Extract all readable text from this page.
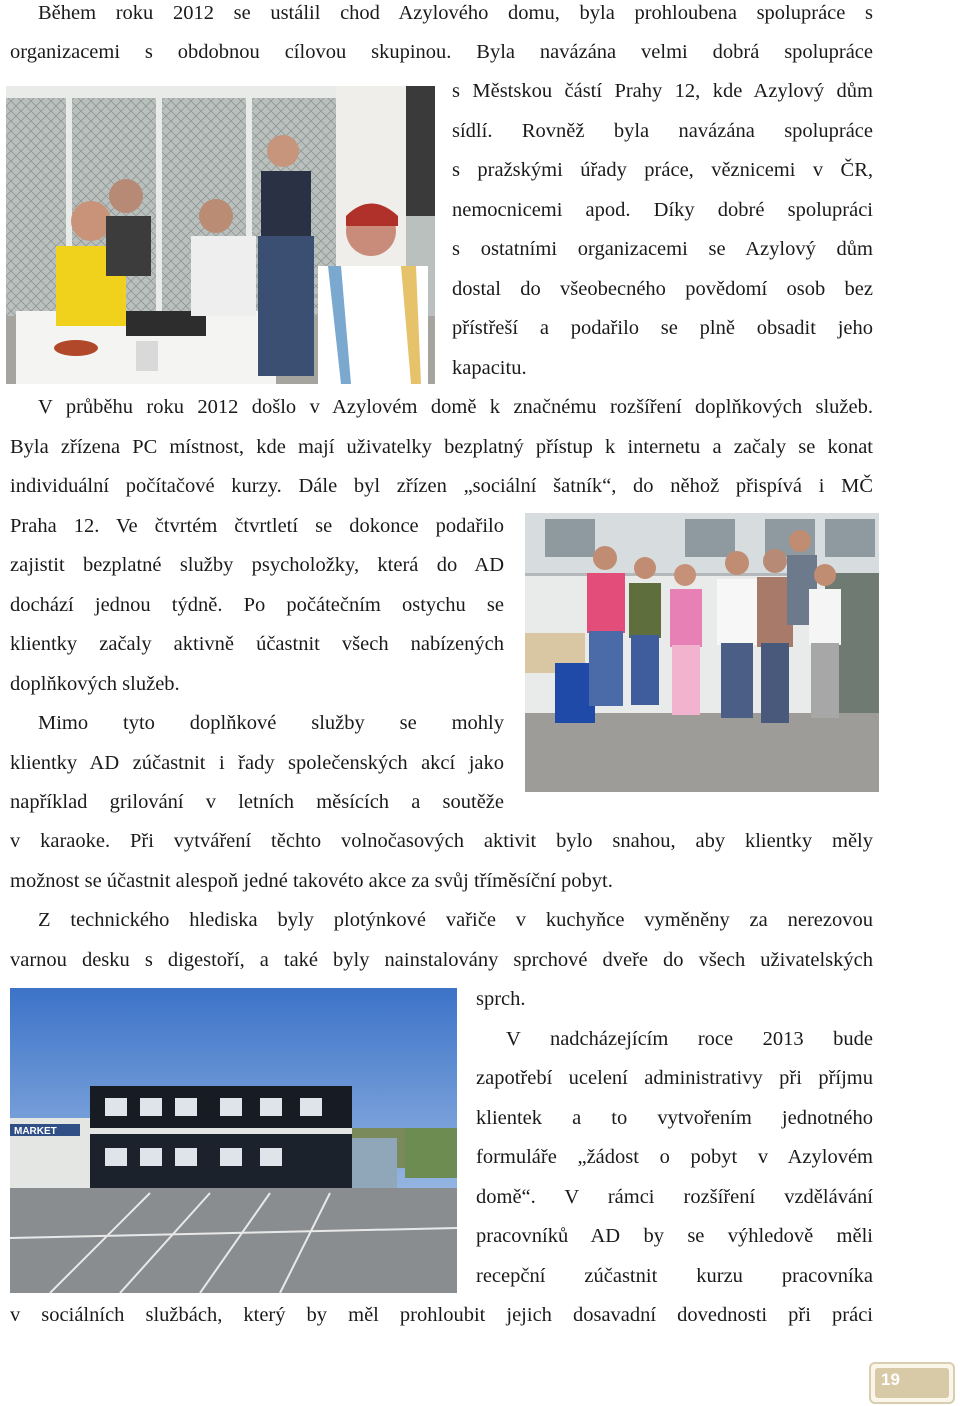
Během roku 2012 se ustálil chod Azylového domu, byla prohloubena spolupráce s
organizacemi s obdobnou cílovou skupinou. Byla navázána velmi dobrá spolupráce
s Městskou částí Prahy 12, kde Azylový dům
sídlí. Rovněž byla navázána spolupráce
s pražskými úřady práce, věznicemi v ČR,
nemocnicemi apod. Díky dobré spolupráci
s ostatními organizacemi se Azylový dům
dostal do všeobecného povědomí osob bez
přístřeší a podařilo se plně obsadit jeho
kapacitu.
V průběhu roku 2012 došlo v Azylovém domě k značnému rozšíření doplňkových služeb.
Byla zřízena PC místnost, kde mají uživatelky bezplatný přístup k internetu a začaly se konat
individuální počítačové kurzy. Dále byl zřízen „sociální šatník“, do něhož přispívá i MČ
Praha 12. Ve čtvrtém čtvrtletí se dokonce podařilo
zajistit bezplatné služby psycholožky, která do AD
dochází jednou týdně. Po počátečním ostychu se
klientky začaly aktivně účastnit všech nabízených
doplňkových služeb.
Mimo tyto doplňkové služby se mohly
klientky AD zúčastnit i řady společenských akcí jako
například grilování v letních měsících a soutěže
v karaoke. Při vytváření těchto volnočasových aktivit bylo snahou, aby klientky měly
možnost se účastnit alespoň jedné takovéto akce za svůj tříměsíční pobyt.
Z technického hlediska byly plotýnkové vařiče v kuchyňce vyměněny za nerezovou
varnou desku s digestoří, a také byly nainstalovány sprchové dveře do všech uživatelských
sprch.
V nadcházejícím roce 2013 bude
zapotřebí ucelení administrativy při příjmu
klientek a to vytvořením jednotného
formuláře „žádost o pobyt v Azylovém
domě“. V rámci rozšíření vzdělávání
pracovníků AD by se výhledově měli
recepční zúčastnit kurzu pracovníka
v sociálních službách, který by měl prohloubit jejich dosavadní dovednosti při práci
MARKET
19
